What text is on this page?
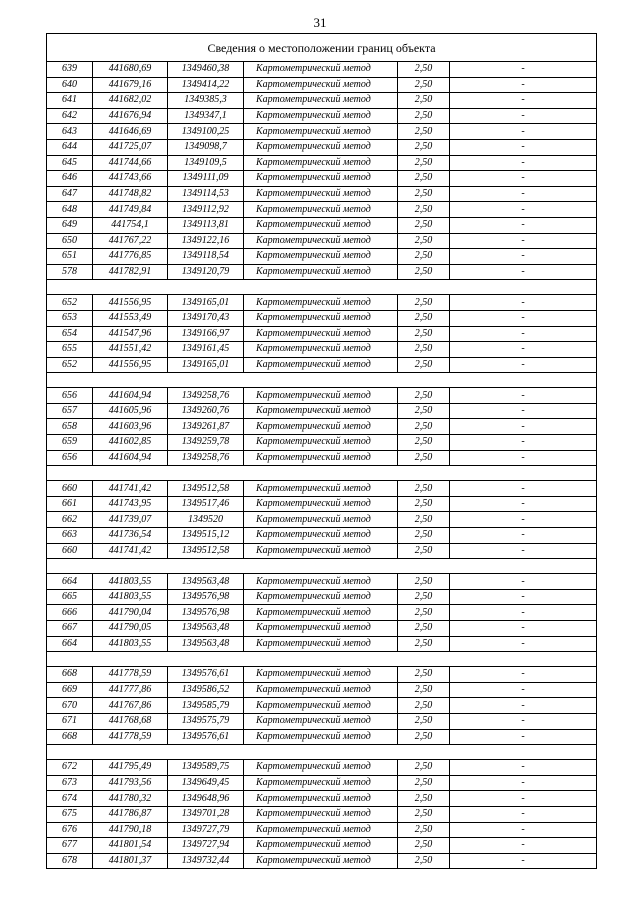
31
Сведения о местоположении границ объекта					
639	441680,69	1349460,38	Картометрический метод	2,50	-
640	441679,16	1349414,22	Картометрический метод	2,50	-
641	441682,02	1349385,3	Картометрический метод	2,50	-
642	441676,94	1349347,1	Картометрический метод	2,50	-
643	441646,69	1349100,25	Картометрический метод	2,50	-
644	441725,07	1349098,7	Картометрический метод	2,50	-
645	441744,66	1349109,5	Картометрический метод	2,50	-
646	441743,66	1349111,09	Картометрический метод	2,50	-
647	441748,82	1349114,53	Картометрический метод	2,50	-
648	441749,84	1349112,92	Картометрический метод	2,50	-
649	441754,1	1349113,81	Картометрический метод	2,50	-
650	441767,22	1349122,16	Картометрический метод	2,50	-
651	441776,85	1349118,54	Картометрический метод	2,50	-
578	441782,91	1349120,79	Картометрический метод	2,50	-

652	441556,95	1349165,01	Картометрический метод	2,50	-
653	441553,49	1349170,43	Картометрический метод	2,50	-
654	441547,96	1349166,97	Картометрический метод	2,50	-
655	441551,42	1349161,45	Картометрический метод	2,50	-
652	441556,95	1349165,01	Картометрический метод	2,50	-

656	441604,94	1349258,76	Картометрический метод	2,50	-
657	441605,96	1349260,76	Картометрический метод	2,50	-
658	441603,96	1349261,87	Картометрический метод	2,50	-
659	441602,85	1349259,78	Картометрический метод	2,50	-
656	441604,94	1349258,76	Картометрический метод	2,50	-

660	441741,42	1349512,58	Картометрический метод	2,50	-
661	441743,95	1349517,46	Картометрический метод	2,50	-
662	441739,07	1349520	Картометрический метод	2,50	-
663	441736,54	1349515,12	Картометрический метод	2,50	-
660	441741,42	1349512,58	Картометрический метод	2,50	-

664	441803,55	1349563,48	Картометрический метод	2,50	-
665	441803,55	1349576,98	Картометрический метод	2,50	-
666	441790,04	1349576,98	Картометрический метод	2,50	-
667	441790,05	1349563,48	Картометрический метод	2,50	-
664	441803,55	1349563,48	Картометрический метод	2,50	-

668	441778,59	1349576,61	Картометрический метод	2,50	-
669	441777,86	1349586,52	Картометрический метод	2,50	-
670	441767,86	1349585,79	Картометрический метод	2,50	-
671	441768,68	1349575,79	Картометрический метод	2,50	-
668	441778,59	1349576,61	Картометрический метод	2,50	-

672	441795,49	1349589,75	Картометрический метод	2,50	-
673	441793,56	1349649,45	Картометрический метод	2,50	-
674	441780,32	1349648,96	Картометрический метод	2,50	-
675	441786,87	1349701,28	Картометрический метод	2,50	-
676	441790,18	1349727,79	Картометрический метод	2,50	-
677	441801,54	1349727,94	Картометрический метод	2,50	-
678	441801,37	1349732,44	Картометрический метод	2,50	-
